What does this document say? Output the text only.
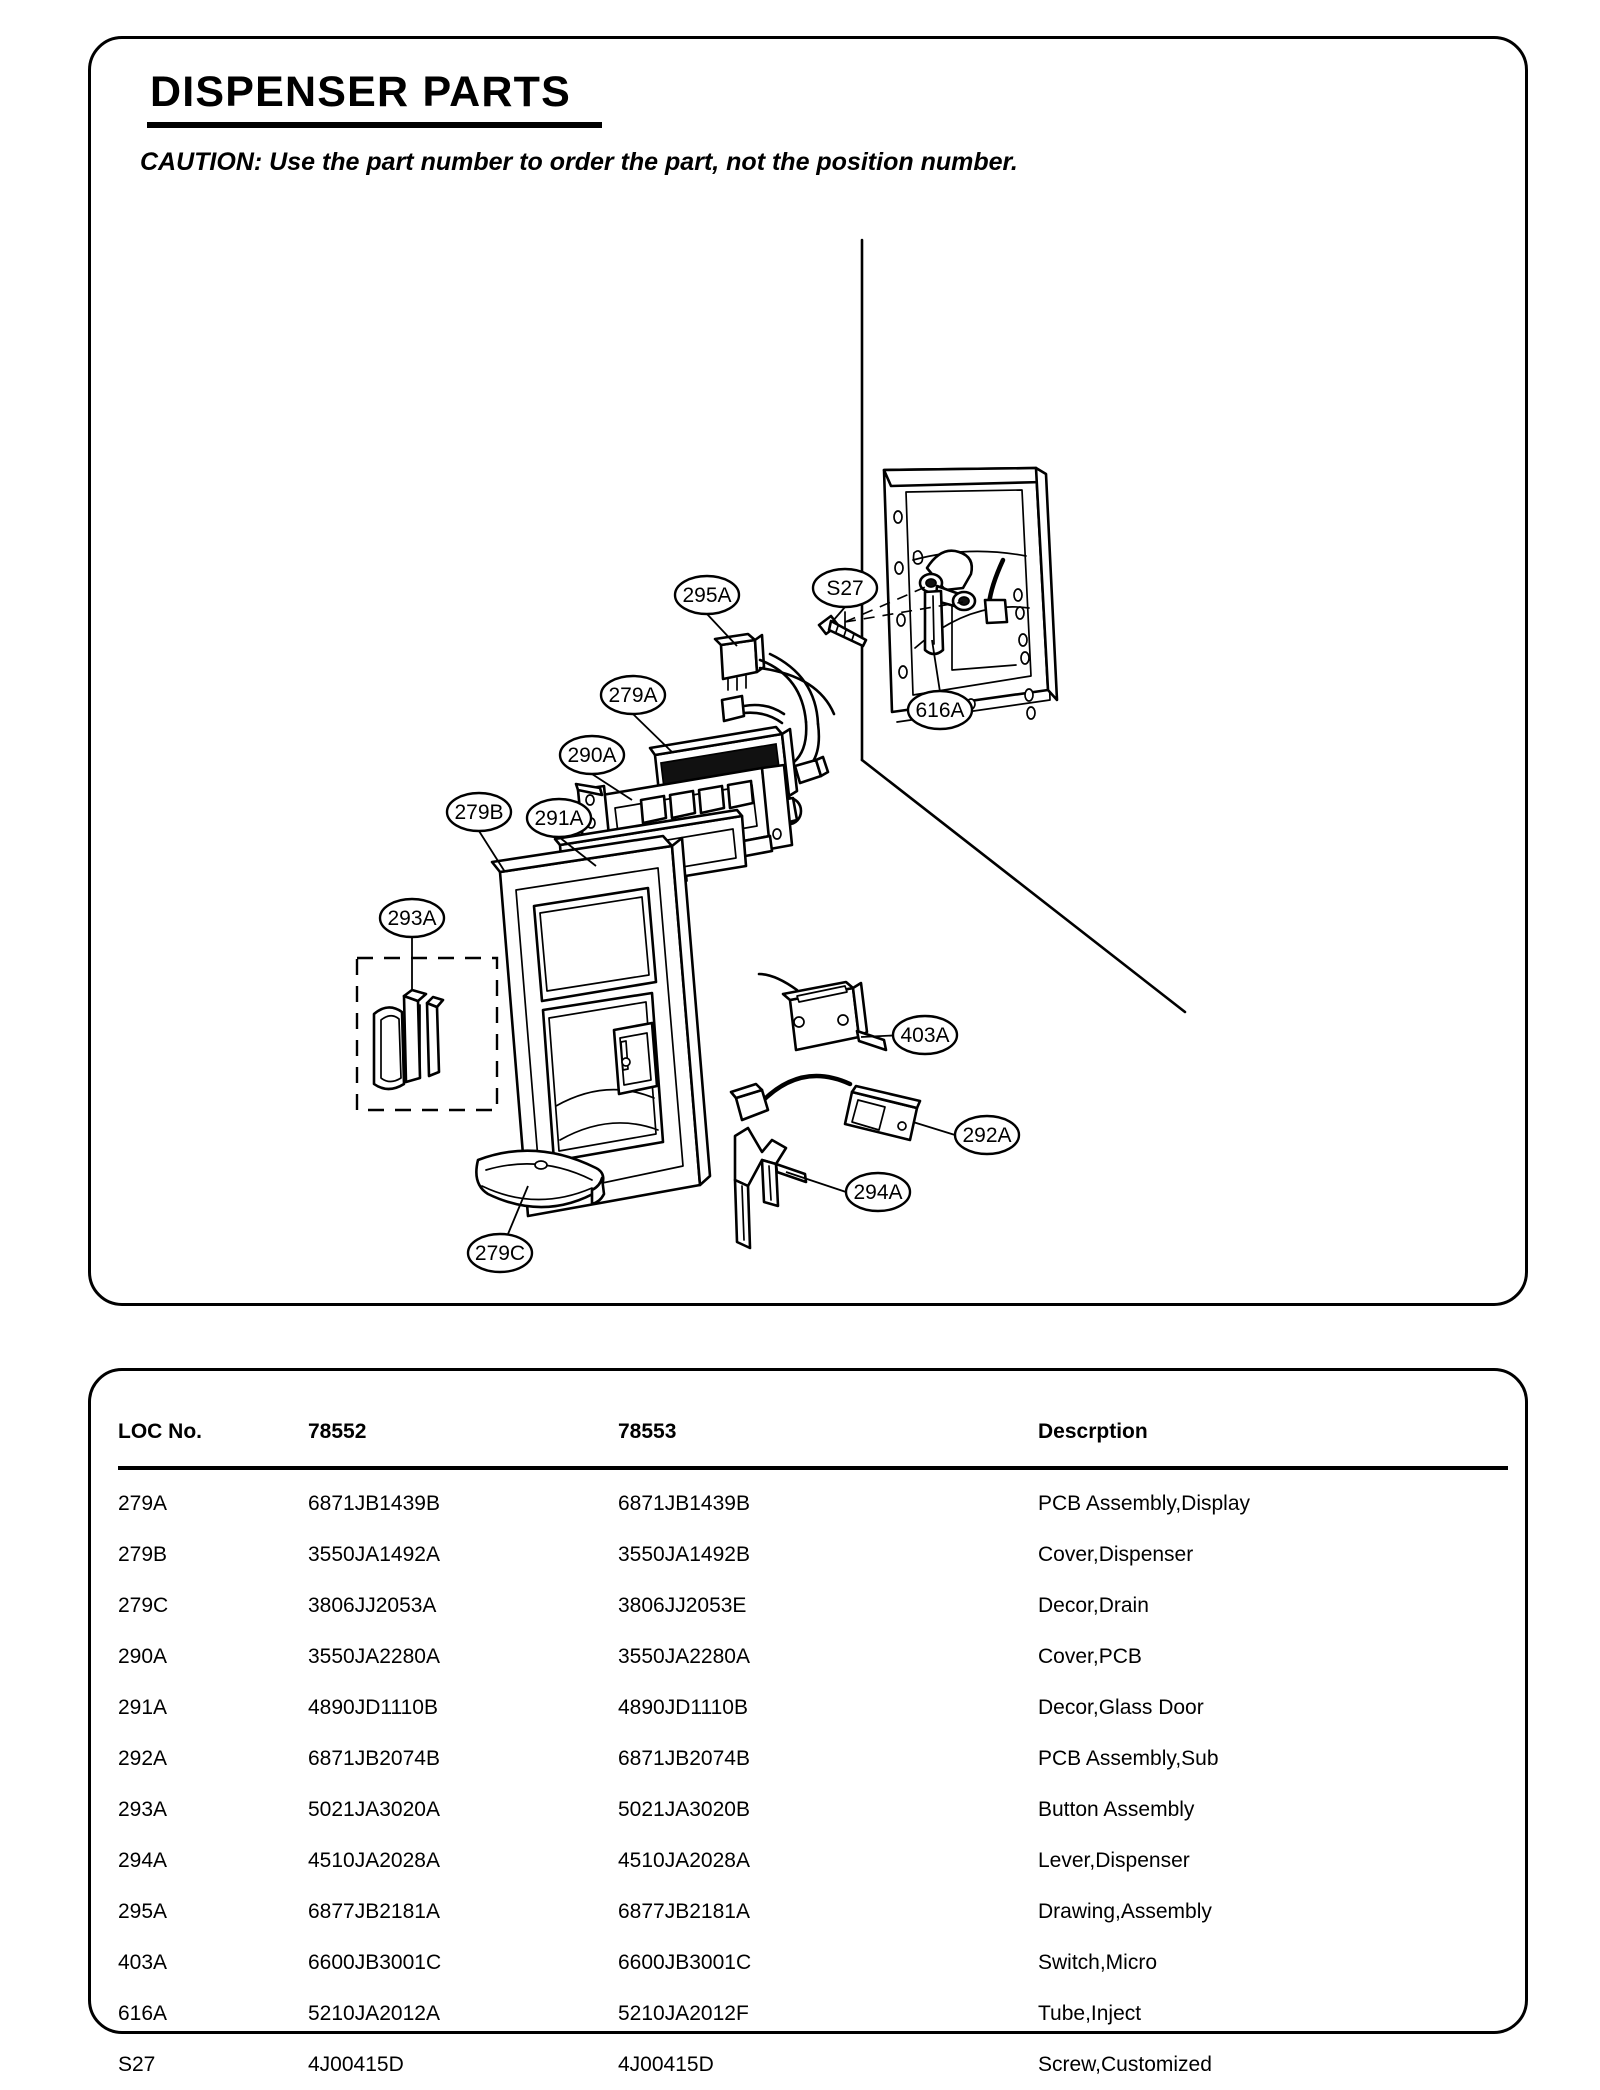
DISPENSER PARTS
CAUTION: Use the part number to order the part, not the position number.
295A	S27
279A
290A
279B 291A
293A
616A
403A
292A
294A
279C
LOC No.	78552	78553	Descrption
279A	6871JB1439B	6871JB1439B	PCB Assembly,Display
279B	3550JA1492A	3550JA1492B	Cover,Dispenser
279C	3806JJ2053A	3806JJ2053E	Decor,Drain
290A	3550JA2280A	3550JA2280A	Cover,PCB
291A	4890JD1110B	4890JD1110B	Decor,Glass Door
292A	6871JB2074B	6871JB2074B	PCB Assembly,Sub
293A	5021JA3020A	5021JA3020B	Button Assembly
294A	4510JA2028A	4510JA2028A	Lever,Dispenser
295A	6877JB2181A	6877JB2181A	Drawing,Assembly
403A	6600JB3001C	6600JB3001C	Switch,Micro
616A	5210JA2012A	5210JA2012F	Tube,Inject
S27	4J00415D	4J00415D	Screw,Customized
